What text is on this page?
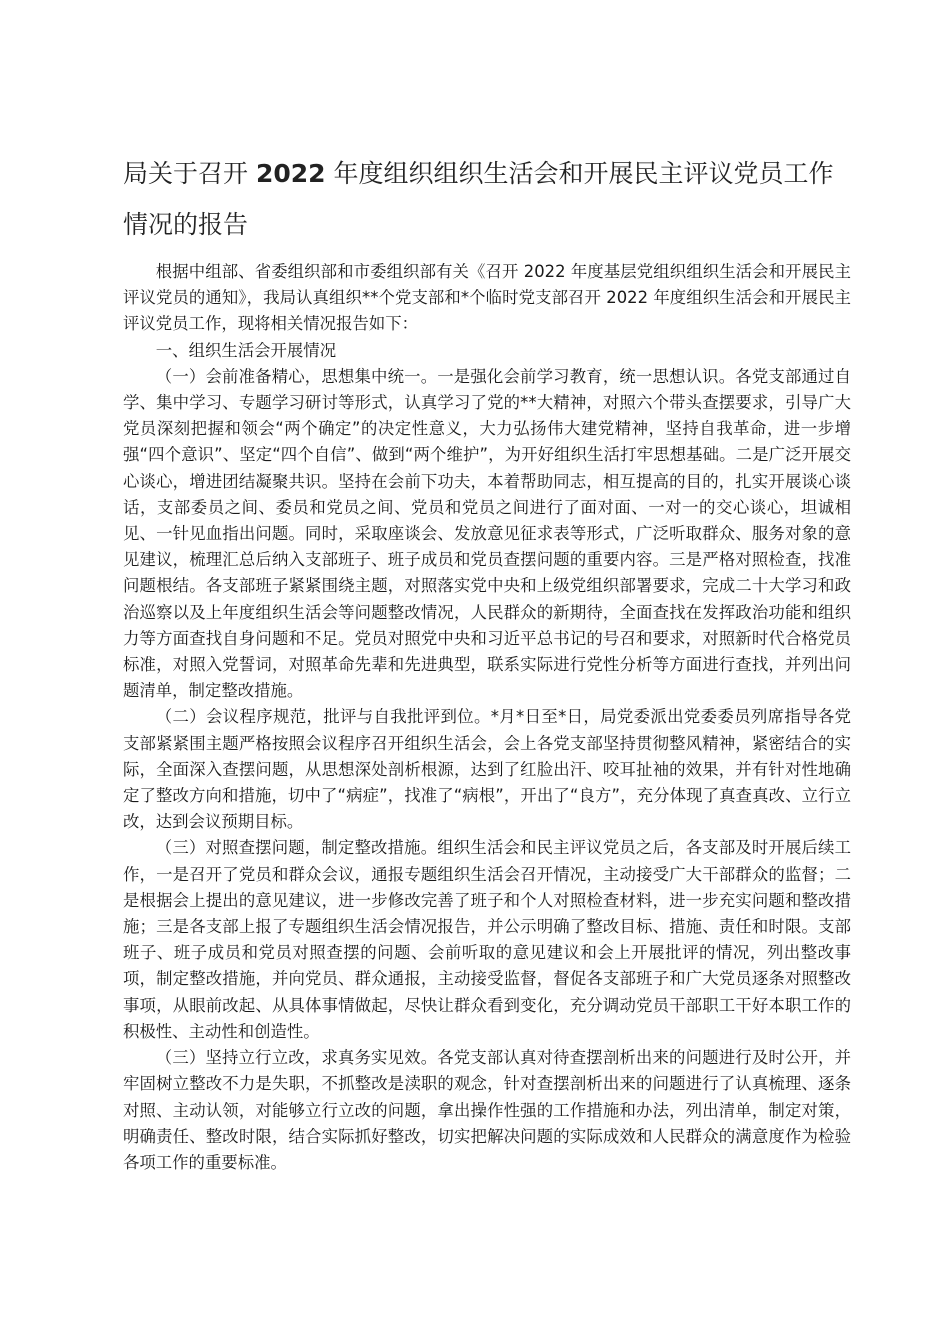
局关于召开 2022 年度组织组织生活会和开展民主评议党员工作情况的报告

根据中组部、省委组织部和市委组织部有关《召开 2022 年度基层党组织组织生活会和开展民主评议党员的通知》，我局认真组织**个党支部和*个临时党支部召开 2022 年度组织生活会和开展民主评议党员工作，现将相关情况报告如下：

一、组织生活会开展情况

（一）会前准备精心，思想集中统一。一是强化会前学习教育，统一思想认识。各党支部通过自学、集中学习、专题学习研讨等形式，认真学习了党的**大精神，对照六个带头查摆要求，引导广大党员深刻把握和领会“两个确定”的决定性意义，大力弘扬伟大建党精神，坚持自我革命，进一步增强“四个意识”、坚定“四个自信”、做到“两个维护”，为开好组织生活打牢思想基础。二是广泛开展交心谈心，增进团结凝聚共识。坚持在会前下功夫，本着帮助同志，相互提高的目的，扎实开展谈心谈话，支部委员之间、委员和党员之间、党员和党员之间进行了面对面、一对一的交心谈心，坦诚相见、一针见血指出问题。同时，采取座谈会、发放意见征求表等形式，广泛听取群众、服务对象的意见建议，梳理汇总后纳入支部班子、班子成员和党员查摆问题的重要内容。三是严格对照检查，找准问题根结。各支部班子紧紧围绕主题，对照落实党中央和上级党组织部署要求，完成二十大学习和政治巡察以及上年度组织生活会等问题整改情况，人民群众的新期待，全面查找在发挥政治功能和组织力等方面查找自身问题和不足。党员对照党中央和习近平总书记的号召和要求，对照新时代合格党员标准，对照入党誓词，对照革命先辈和先进典型，联系实际进行党性分析等方面进行查找，并列出问题清单，制定整改措施。

（二）会议程序规范，批评与自我批评到位。*月*日至*日，局党委派出党委委员列席指导各党支部紧紧围主题严格按照会议程序召开组织生活会，会上各党支部坚持贯彻整风精神，紧密结合的实际，全面深入查摆问题，从思想深处剖析根源，达到了红脸出汗、咬耳扯袖的效果，并有针对性地确定了整改方向和措施，切中了“病症”，找准了“病根”，开出了“良方”，充分体现了真查真改、立行立改，达到会议预期目标。

（三）对照查摆问题，制定整改措施。组织生活会和民主评议党员之后，各支部及时开展后续工作，一是召开了党员和群众会议，通报专题组织生活会召开情况，主动接受广大干部群众的监督；二是根据会上提出的意见建议，进一步修改完善了班子和个人对照检查材料，进一步充实问题和整改措施；三是各支部上报了专题组织生活会情况报告，并公示明确了整改目标、措施、责任和时限。支部班子、班子成员和党员对照查摆的问题、会前听取的意见建议和会上开展批评的情况，列出整改事项，制定整改措施，并向党员、群众通报，主动接受监督，督促各支部班子和广大党员逐条对照整改事项，从眼前改起、从具体事情做起，尽快让群众看到变化，充分调动党员干部职工干好本职工作的积极性、主动性和创造性。

（三）坚持立行立改，求真务实见效。各党支部认真对待查摆剖析出来的问题进行及时公开，并牢固树立整改不力是失职，不抓整改是渎职的观念，针对查摆剖析出来的问题进行了认真梳理、逐条对照、主动认领，对能够立行立改的问题，拿出操作性强的工作措施和办法，列出清单，制定对策，明确责任、整改时限，结合实际抓好整改，切实把解决问题的实际成效和人民群众的满意度作为检验各项工作的重要标准。
